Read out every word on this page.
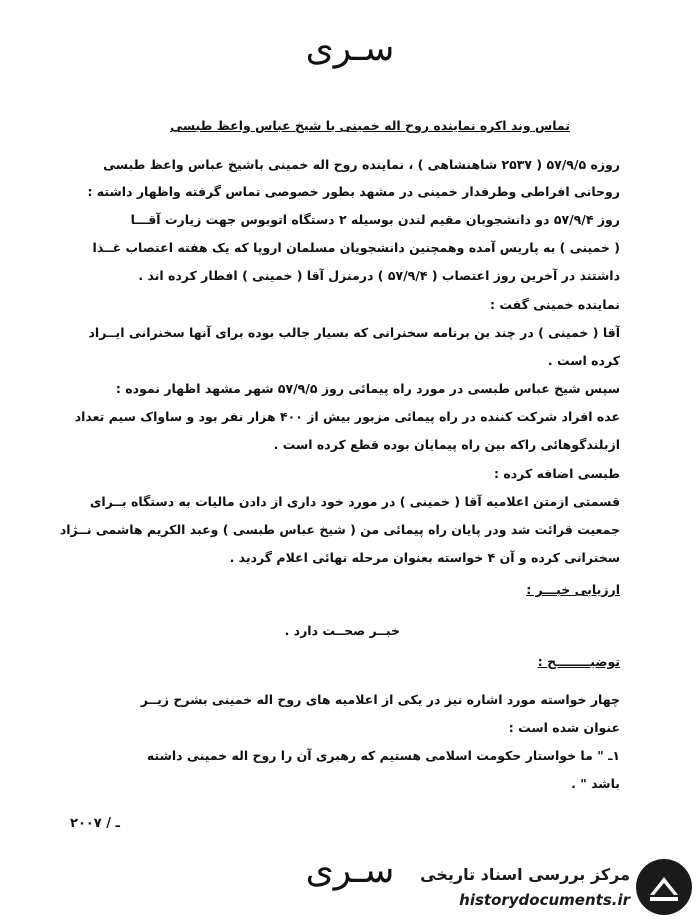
سـری
تماس وند اکره نماینده روح اله خمینی با شیخ عباس واعظ طبسی
روزه ۵۷/۹/۵ ( ۲۵۳۷ شاهنشاهی ) ، نماینده روح اله خمینی باشیخ عباس واعظ طبسی
روحانی افراطی وطرفدار خمینی در مشهد بطور خصوصی تماس گرفته واظهار داشته :
روز ۵۷/۹/۴ دو دانشجوبان مقیم لندن بوسیله ۲ دستگاه اتوبوس جهت زیارت آقـــا
( خمینی ) به پاریس آمده وهمچنین دانشجویان مسلمان اروپا که یک هفته اعتصاب غــذا
داشتند در آخرین روز اعتصاب ( ۵۷/۹/۴ ) درمنزل آقا ( خمینی ) افطار کرده اند .
نماینده خمینی گفت :
آقا ( خمینی ) در چند بن برنامه سخنرانی که بسیار جالب بوده برای آنها سخنرانی ایــراد
کرده است .
سپس شیخ عباس طبسی در مورد راه پیمائی روز ۵۷/۹/۵ شهر مشهد اظهار نموده :
عده افراد شرکت کننده در راه پیمائی مزبور بیش از ۴۰۰ هزار نفر بود و ساواک سیم تعداد
ازبلندگوهائی راکه بین راه پیمایان بوده قطع کرده است .
طبسی اضافه کرده :
قسمتی ازمتن اعلامیه آقا ( خمینی ) در مورد خود داری از دادن مالیات به دستگاه بــرای
جمعیت قرائت شد ودر پایان راه پیمائی من ( شیخ عباس طبسی ) وعبد الکریم هاشمی نــژاد
سخنرانی کرده و آن ۴ خواسته بعنوان مرحله نهائی اعلام گردید .
ارزیابی خبـــر :
خبــر صحــت دارد .
توضیــــــــح :
چهار خواسته مورد اشاره نیز در یکی از اعلامیه های روح اله خمینی بشرح زیــر
عنوان شده است :
۱ـ " ما خواستار حکومت اسلامی هستیم که رهبری آن را روح اله خمینی داشته
باشد " .
۲ـ / ۰۰۷
سـری	مرکز بررسی اسناد تاریخی
historydocuments.ir
